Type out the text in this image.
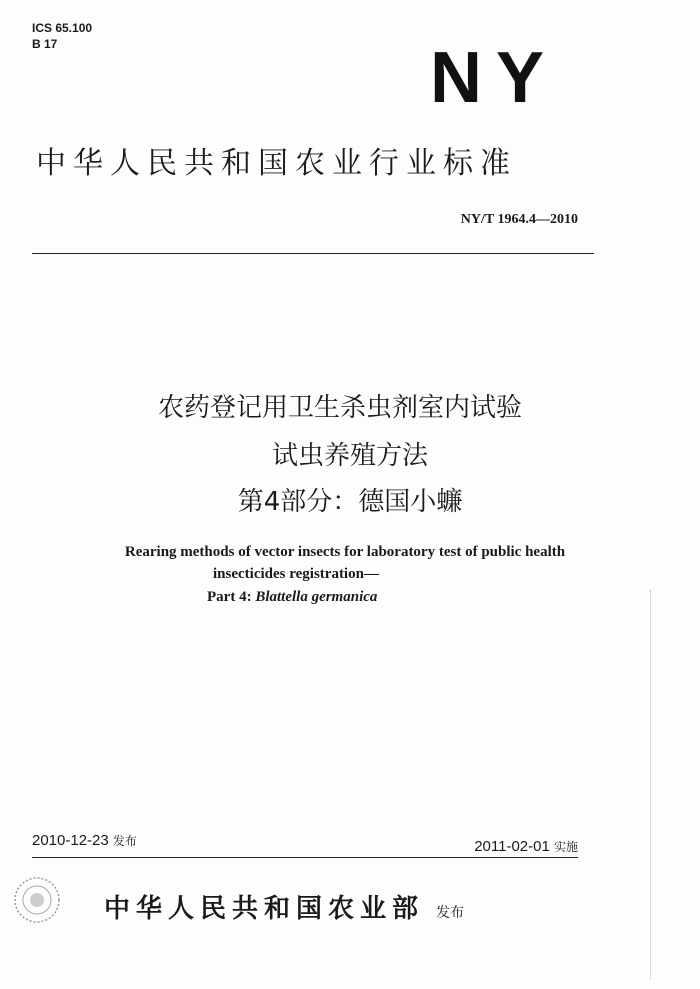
ICS 65.100
B 17	NY
中华人民共和国农业行业标准
NY/T 1964.4—2010
农药登记用卫生杀虫剂室内试验
试虫养殖方法
第4部分：德国小蠊
Rearing methods of vector insects for laboratory test of public health
insecticides registration—
Part 4: Blattella germanica
2010-12-23 发布	2011-02-01 实施
中华人民共和国农业部 发布
